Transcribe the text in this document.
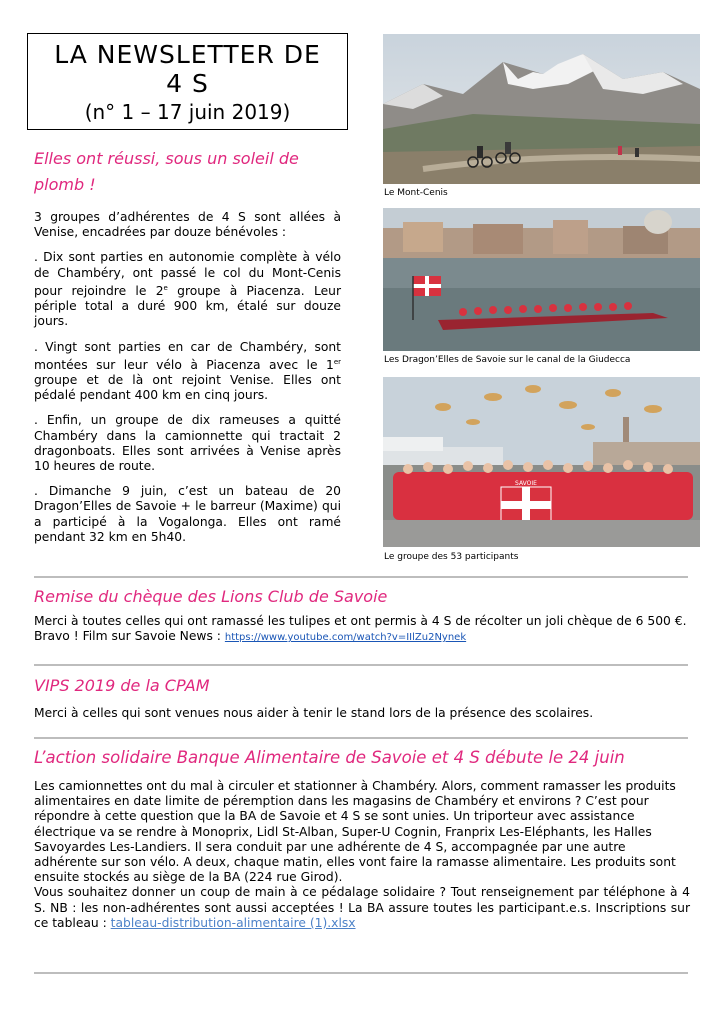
LA NEWSLETTER DE
4 S
(n° 1 – 17 juin 2019)
Elles ont réussi, sous un soleil de
plomb !

3 groupes d’adhérentes de 4 S sont allées à Venise, encadrées par douze bénévoles :

. Dix sont parties en autonomie complète à vélo de Chambéry, ont passé le col du Mont-Cenis pour rejoindre le 2e groupe à Piacenza. Leur périple total a duré 900 km, étalé sur douze jours.

. Vingt sont parties en car de Chambéry, sont montées sur leur vélo à Piacenza avec le 1er groupe et de là ont rejoint Venise. Elles ont pédalé pendant 400 km en cinq jours.

. Enfin, un groupe de dix rameuses a quitté Chambéry dans la camionnette qui tractait 2 dragonboats. Elles sont arrivées à Venise après 10 heures de route.

. Dimanche 9 juin, c’est un bateau de 20 Dragon’Elles de Savoie + le barreur (Maxime) qui a participé à la Vogalonga. Elles ont ramé pendant 32 km en 5h40.

Le Mont-Cenis
Les Dragon’Elles de Savoie sur le canal de la Giudecca
SAVOIE
Le groupe des 53 participants
Remise du chèque des Lions Club de Savoie

Merci à toutes celles qui ont ramassé les tulipes et ont permis à 4 S de récolter un joli chèque de 6 500 €. Bravo ! Film sur Savoie News : https://www.youtube.com/watch?v=IIlZu2Nynek

VIPS 2019 de la CPAM

Merci à celles qui sont venues nous aider à tenir le stand lors de la présence des scolaires.

L’action solidaire Banque Alimentaire de Savoie et 4 S débute le 24 juin

Les camionnettes ont du mal à circuler et stationner à Chambéry. Alors, comment ramasser les produits alimentaires en date limite de péremption dans les magasins de Chambéry et environs ? C’est pour répondre à cette question que la BA de Savoie et 4 S se sont unies. Un triporteur avec assistance électrique va se rendre à Monoprix, Lidl St-Alban, Super-U Cognin, Franprix Les-Eléphants, les Halles Savoyardes Les-Landiers. Il sera conduit par une adhérente de 4 S, accompagnée par une autre adhérente sur son vélo. A deux, chaque matin, elles vont faire la ramasse alimentaire. Les produits sont ensuite stockés au siège de la BA (224 rue Girod).

Vous souhaitez donner un coup de main à ce pédalage solidaire ? Tout renseignement par téléphone à 4 S. NB : les non-adhérentes sont aussi acceptées ! La BA assure toutes les participant.e.s. Inscriptions sur ce tableau : tableau-distribution-alimentaire (1).xlsx
